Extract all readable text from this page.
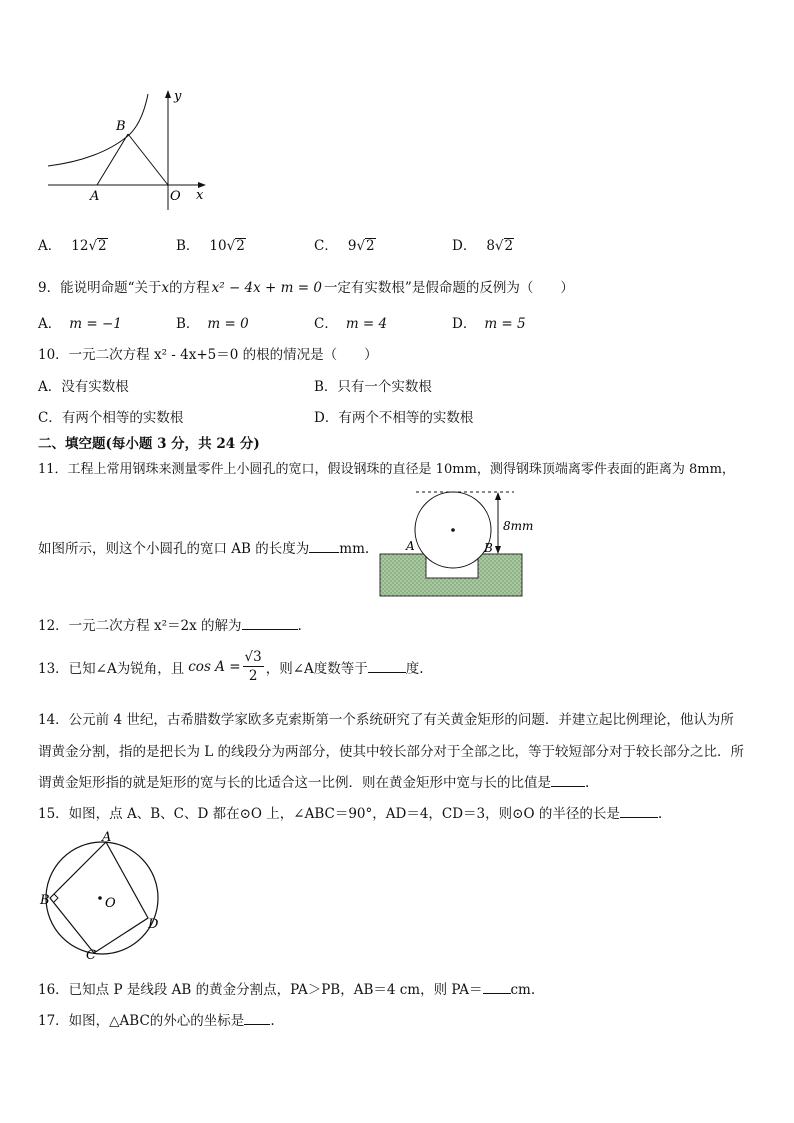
y
x
B
A	O
A． 12√2	B． 10√2	C． 9√2	D． 8√2
9．能说明命题“关于x的方程 x² − 4x + m = 0 一定有实数根”是假命题的反例为（　　）
A． m = −1	B． m = 0	C． m = 4	D． m = 5
10．一元二次方程 x² - 4x+5＝0 的根的情况是（　　）
A．没有实数根	B．只有一个实数根
C．有两个相等的实数根	D．有两个不相等的实数根
二、填空题(每小题 3 分，共 24 分)
11．工程上常用钢珠来测量零件上小圆孔的宽口，假设钢珠的直径是 10mm，测得钢珠顶端离零件表面的距离为 8mm，
如图所示，则这个小圆孔的宽口 AB 的长度为 mm.
8mm
A	B
12．一元二次方程 x²＝2x 的解为	.
13．已知∠A为锐角，且 $\cos A = \frac{√3}{2}$ ，则∠A度数等于	度.
14．公元前 4 世纪，古希腊数学家欧多克索斯第一个系统研究了有关黄金矩形的问题．并建立起比例理论，他认为所
谓黄金分割，指的是把长为 L 的线段分为两部分，使其中较长部分对于全部之比，等于较短部分对于较长部分之比．所
谓黄金矩形指的就是矩形的宽与长的比适合这一比例．则在黄金矩形中宽与长的比值是	.
15．如图，点 A、B、C、D 都在⊙O 上，∠ABC＝90°，AD＝4，CD＝3，则⊙O 的半径的长是	.
A
B
C
D
O
16．已知点 P 是线段 AB 的黄金分割点，PA＞PB，AB＝4 cm，则 PA＝ cm.
17．如图，△ABC的外心的坐标是 .
